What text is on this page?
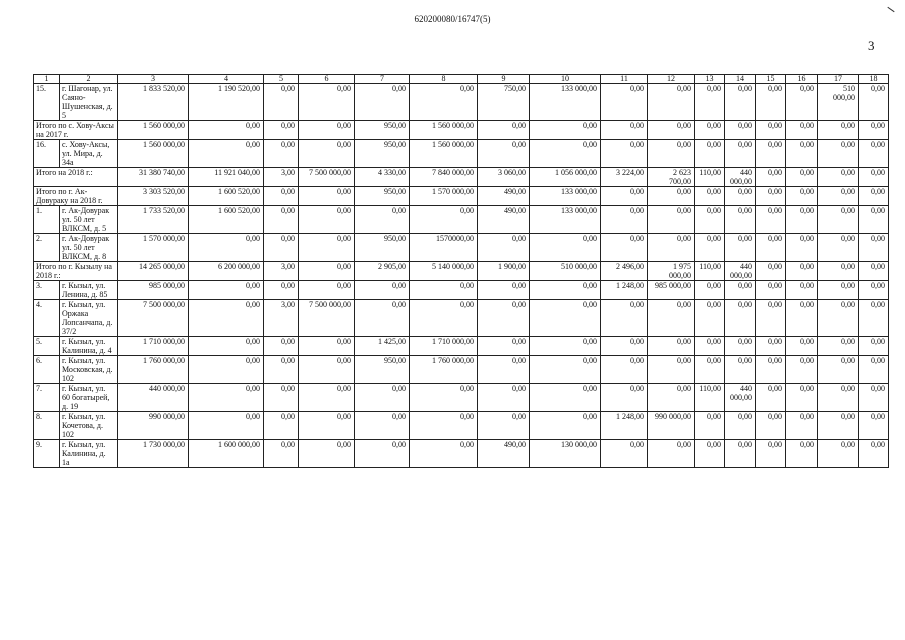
620200080/16747(5)
3
1	2	3	4	5	6	7	8	9	10	11	12	13	14	15	16	17	18
15.	г. Шагонар, ул. Саяно-Шушенская, д. 5	1 833 520,00	1 190 520,00	0,00	0,00	0,00	0,00	750,00	133 000,00	0,00	0,00	0,00	0,00	0,00	0,00	510 000,00	0,00
Итого по с. Хову-Аксы на 2017 г.		1 560 000,00	0,00	0,00	0,00	950,00	1 560 000,00	0,00	0,00	0,00	0,00	0,00	0,00	0,00	0,00	0,00	0,00
16.	с. Хову-Аксы, ул. Мира, д. 34а	1 560 000,00	0,00	0,00	0,00	950,00	1 560 000,00	0,00	0,00	0,00	0,00	0,00	0,00	0,00	0,00	0,00	0,00
Итого на 2018 г.:		31 380 740,00	11 921 040,00	3,00	7 500 000,00	4 330,00	7 840 000,00	3 060,00	1 056 000,00	3 224,00	2 623 700,00	110,00	440 000,00	0,00	0,00	0,00	0,00
Итого по г. Ак-Довураку на 2018 г.		3 303 520,00	1 600 520,00	0,00	0,00	950,00	1 570 000,00	490,00	133 000,00	0,00	0,00	0,00	0,00	0,00	0,00	0,00	0,00
1.	г. Ак-Довурак ул. 50 лет ВЛКСМ, д. 5	1 733 520,00	1 600 520,00	0,00	0,00	0,00	0,00	490,00	133 000,00	0,00	0,00	0,00	0,00	0,00	0,00	0,00	0,00
2.	г. Ак-Довурак ул. 50 лет ВЛКСМ, д. 8	1 570 000,00	0,00	0,00	0,00	950,00	1570000,00	0,00	0,00	0,00	0,00	0,00	0,00	0,00	0,00	0,00	0,00
Итого по г. Кызылу на 2018 г.:		14 265 000,00	6 200 000,00	3,00	0,00	2 905,00	5 140 000,00	1 900,00	510 000,00	2 496,00	1 975 000,00	110,00	440 000,00	0,00	0,00	0,00	0,00
3.	г. Кызыл, ул. Ленина, д. 85	985 000,00	0,00	0,00	0,00	0,00	0,00	0,00	0,00	1 248,00	985 000,00	0,00	0,00	0,00	0,00	0,00	0,00
4.	г. Кызыл, ул. Оржака Лопсанчапа, д. 37/2	7 500 000,00	0,00	3,00	7 500 000,00	0,00	0,00	0,00	0,00	0,00	0,00	0,00	0,00	0,00	0,00	0,00	0,00
5.	г. Кызыл, ул. Калинина, д. 4	1 710 000,00	0,00	0,00	0,00	1 425,00	1 710 000,00	0,00	0,00	0,00	0,00	0,00	0,00	0,00	0,00	0,00	0,00
6.	г. Кызыл, ул. Московская, д. 102	1 760 000,00	0,00	0,00	0,00	950,00	1 760 000,00	0,00	0,00	0,00	0,00	0,00	0,00	0,00	0,00	0,00	0,00
7.	г. Кызыл, ул. 60 богатырей, д. 19	440 000,00	0,00	0,00	0,00	0,00	0,00	0,00	0,00	0,00	0,00	110,00	440 000,00	0,00	0,00	0,00	0,00
8.	г. Кызыл, ул. Кочетова, д. 102	990 000,00	0,00	0,00	0,00	0,00	0,00	0,00	0,00	1 248,00	990 000,00	0,00	0,00	0,00	0,00	0,00	0,00
9.	г. Кызыл, ул. Калинина, д. 1а	1 730 000,00	1 600 000,00	0,00	0,00	0,00	0,00	490,00	130 000,00	0,00	0,00	0,00	0,00	0,00	0,00	0,00	0,00
